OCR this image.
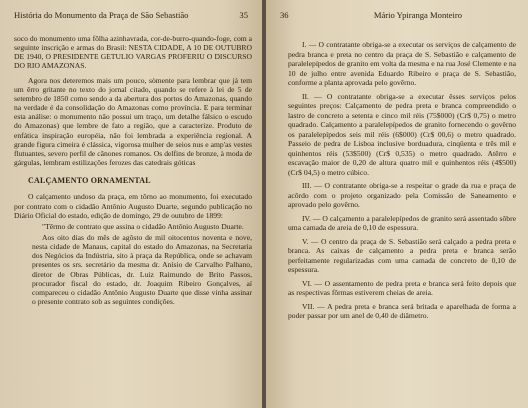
História do Monumento da Praça de São Sebastião	35

soco do monumento uma fôlha azinhavrada, cor-de-burro-quando-foge, com a seguinte inscrição e armas do Brasil: NESTA CIDADE, A 10 DE OUTUBRO DE 1940, O PRESIDENTE GETULIO VARGAS PROFERIU O DISCURSO DO RIO AMAZONAS.

Agora nos deteremos mais um pouco, sòmente para lembrar que já tem um êrro gritante no texto do jornal citado, quando se refere à lei de 5 de setembro de 1850 como sendo a da abertura dos portos do Amazonas, quando na verdade é da consolidação do Amazonas como província. E para terminar esta análise: o monumento não possui um traço, um detalhe fálsico o escudo do Amazonas) que lembre de fato a região, que a caracterize. Produto de enfática inspiração européia, não foi lembrada a experiência regional. A grande figura cimeira é clássica, vigorosa mulher de seios nus e amp'as vestes flutuantes, severo perfil de cânones romanos. Os delfins de bronze, à moda de gárgulas, lembram estilizações ferozes das catedrais góticas

CALÇAMENTO ORNAMENTAL

O calçamento undoso da praça, em tôrno ao monumento, foi executado por contrato com o cidadão Antônio Augusto Duarte, segundo publicação no Diário Oficial do estado, edição de domingo, 29 de outubro de 1899:

"Têrmo de contrato que assina o cidadão Antônio Augusto Duarte.

Aos oito dias do mês de agôsto de mil oitocentos noventa e nove, nesta cidade de Manaus, capital do estado do Amazonas, na Secretaria dos Negócios da Indústria, sito à praça da República, onde se achavam presentes os srs. secretário da mesma dr. Anísio de Carvalho Palhano, diretor de Obras Públicas, dr. Luiz Raimundo de Brito Passos, procurador fiscal do estado, dr. Joaquim Ribeiro Gonçalves, aí compareceu o cidadão Antônio Augusto Duarte que disse vinha assinar o presente contrato sob as seguintes condições.

36	Mário Ypiranga Monteiro

I. — O contratante obriga-se a executar os serviços de calçamento de pedra branca e preta no centro da praça de S. Sebastião e calçamento de paralelepípedos de granito em volta da mesma e na rua José Clemente e na 10 de julho entre avenida Eduardo Ribeiro e praça de S. Sebastião, conforme a planta aprovada pelo govêrno.

II. — O contratante obriga-se a executar êsses serviços pelos seguintes preços: Calçamento de pedra preta e branca compreendido o lastro de concreto a setenta e cinco mil réis (75$000) (Cr$ 0,75) o metro quadrado. Calçamento a paralelepípedos de granito fornecendo o govêrno os paralelepípedos seis mil réis (6$000) (Cr$ 00,6) o metro quadrado. Passeio de pedra de Lisboa inclusive borduadura, cinqüenta e três mil e quinhentos réis (53$500) (Cr$ 0,535) o metro quadrado. Atêrro e escavação maior de 0,20 de altura quatro mil e quinhentos réis (4$500) (Cr$ 04,5) o metro cúbico.

III. — O contratante obriga-se a respeitar o grade da rua e praça de acôrdo com o projeto organizado pela Comissão de Saneamento e aprovado pelo govêrno.

IV. — O calçamento a paralelepípedos de granito será assentado sôbre uma camada de areia de 0,10 de espessura.

V. — O centro da praça de S. Sebastião será calçado a pedra preta e branca. As caixas de calçamento a pedra preta e branca serão perfeitamente regularizadas com uma camada de concreto de 0,10 de espessura.

VI. — O assentamento de pedra preta e branca será feito depois que as respectivas fôrmas estiverem cheias de areia.

VII. — A pedra preta e branca será britada e aparelhada de forma a poder passar por um anel de 0,40 de diâmetro.
